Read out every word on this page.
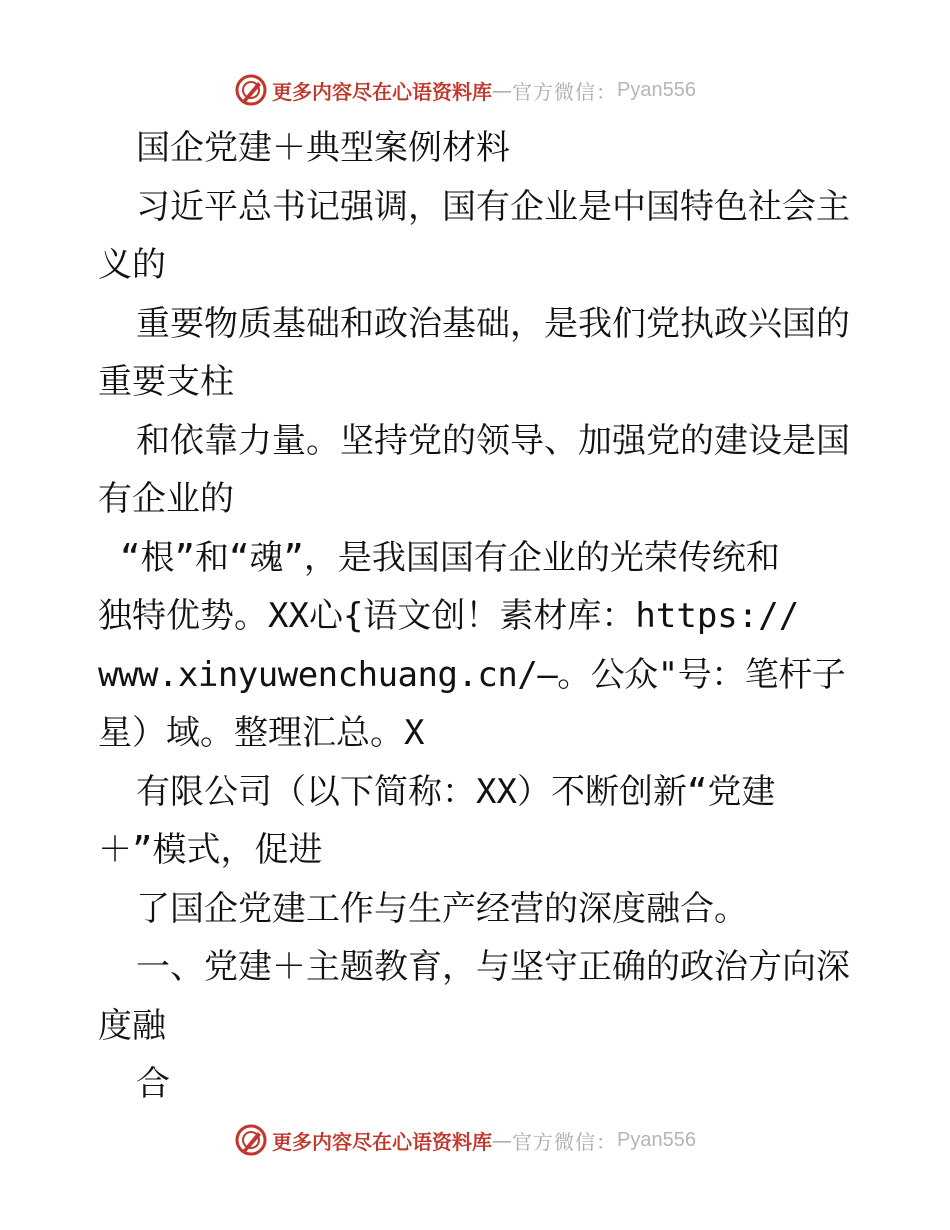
更多内容尽在心语资料库 — 官方微信： Pyan556

国企党建＋典型案例材料

习近平总书记强调，国有企业是中国特色社会主

义的

重要物质基础和政治基础，是我们党执政兴国的

重要支柱

和依靠力量。坚持党的领导、加强党的建设是国

有企业的

“根”和“魂”，是我国国有企业的光荣传统和

独特优势。XX心{语文创！素材库：https://

www.xinyuwenchuang.cn/—。公众"号：笔杆子

星）域。整理汇总。X

有限公司（以下简称：XX）不断创新“党建

＋”模式，促进

了国企党建工作与生产经营的深度融合。

一、党建＋主题教育，与坚守正确的政治方向深

度融

合

更多内容尽在心语资料库 — 官方微信： Pyan556
